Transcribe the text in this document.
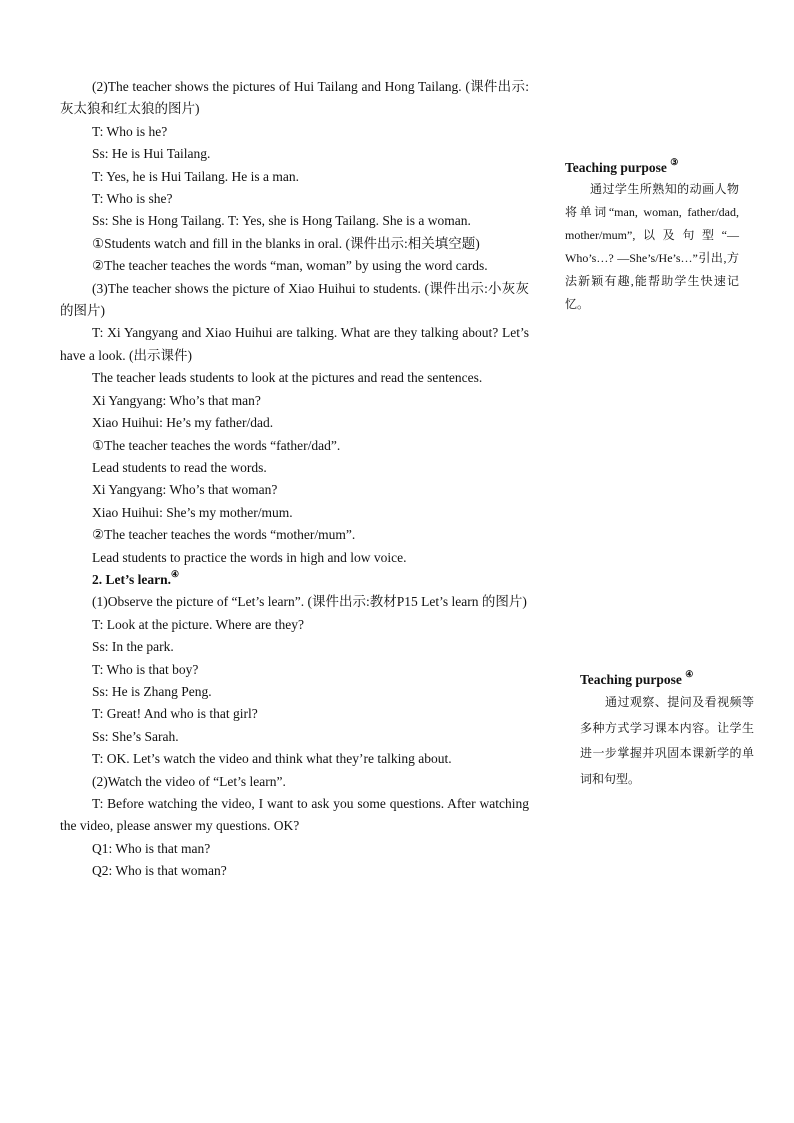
(2)The teacher shows the pictures of Hui Tailang and Hong Tailang. (课件出示:灰太狼和红太狼的图片)

T: Who is he?

Ss: He is Hui Tailang.

T: Yes, he is Hui Tailang. He is a man.

T: Who is she?

Ss: She is Hong Tailang. T: Yes, she is Hong Tailang. She is a woman.

①Students watch and fill in the blanks in oral. (课件出示:相关填空题)

②The teacher teaches the words “man, woman” by using the word cards.

(3)The teacher shows the picture of Xiao Huihui to students. (课件出示:小灰灰的图片)

T: Xi Yangyang and Xiao Huihui are talking. What are they talking about? Let’s have a look. (出示课件)

The teacher leads students to look at the pictures and read the sentences.

Xi Yangyang: Who’s that man?

Xiao Huihui: He’s my father/dad.

①The teacher teaches the words “father/dad”.

Lead students to read the words.

Xi Yangyang: Who’s that woman?

Xiao Huihui: She’s my mother/mum.

②The teacher teaches the words “mother/mum”.

Lead students to practice the words in high and low voice.

2. Let’s learn.④

(1)Observe the picture of “Let’s learn”. (课件出示:教材P15 Let’s learn 的图片)

T: Look at the picture. Where are they?

Ss: In the park.

T: Who is that boy?

Ss: He is Zhang Peng.

T: Great! And who is that girl?

Ss: She’s Sarah.

T: OK. Let’s watch the video and think what they’re talking about.

(2)Watch the video of “Let’s learn”.

T: Before watching the video, I want to ask you some questions. After watching the video, please answer my questions. OK?

Q1: Who is that man?

Q2: Who is that woman?

Teaching purpose ③

通过学生所熟知的动画人物将单词“man, woman, father/dad, mother/mum”,以及句型“—Who’s…? —She’s/He’s…”引出,方法新颖有趣,能帮助学生快速记忆。

Teaching purpose ④

通过观察、提问及看视频等多种方式学习课本内容。让学生进一步掌握并巩固本课新学的单词和句型。
